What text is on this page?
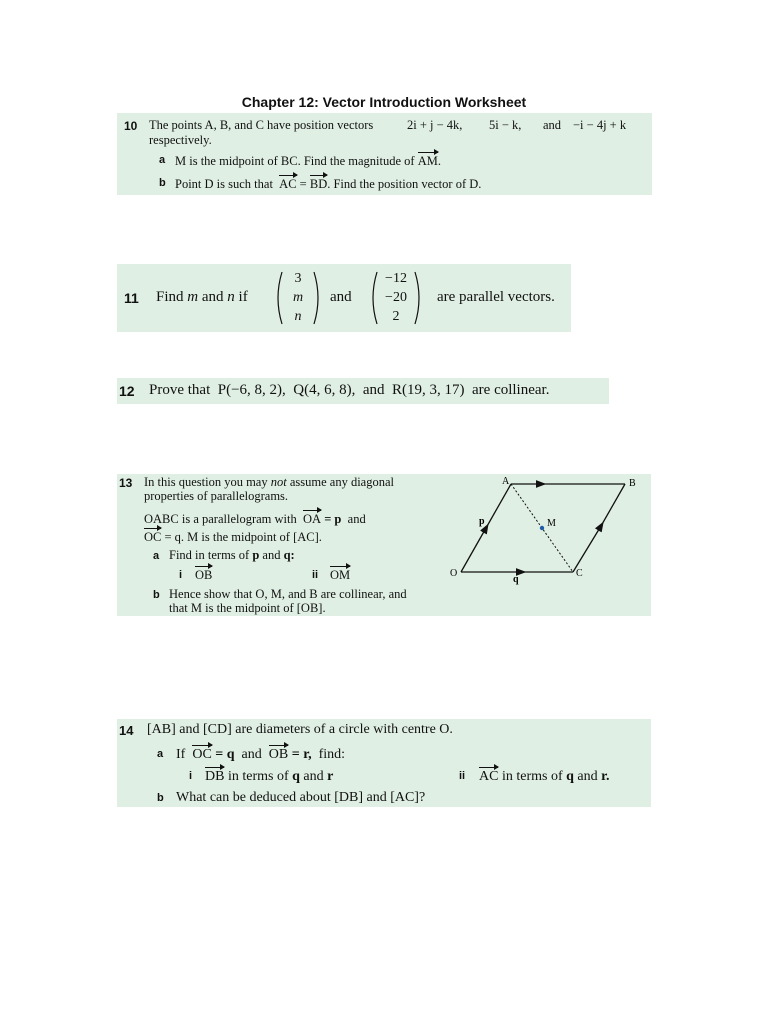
Chapter 12: Vector Introduction Worksheet
10 The points A, B, and C have position vectors	2i + j − 4k, 5i − k, and −i − 4j + k
respectively.
a M is the midpoint of BC. Find the magnitude of AM.
b Point D is such that AC = BD. Find the position vector of D.
11 Find m and n if
3
m
n
and
−12
−20
2
are parallel vectors.
12 Prove that  P(−6, 8, 2),  Q(4, 6, 8),  and  R(19, 3, 17)  are collinear.
13 In this question you may not assume any diagonal
properties of parallelograms.
OABC is a parallelogram with OA = p and
OC = q. M is the midpoint of [AC].
a Find in terms of p and q:
i OB	ii OM
b Hence show that O, M, and B are collinear, and
that M is the midpoint of [OB].
A	B
O	C
M
p
q
14 [AB] and [CD] are diameters of a circle with centre O.
a If OC = q and OB = r, find:
i DB in terms of q and r	ii AC in terms of q and r.
b What can be deduced about [DB] and [AC]?
